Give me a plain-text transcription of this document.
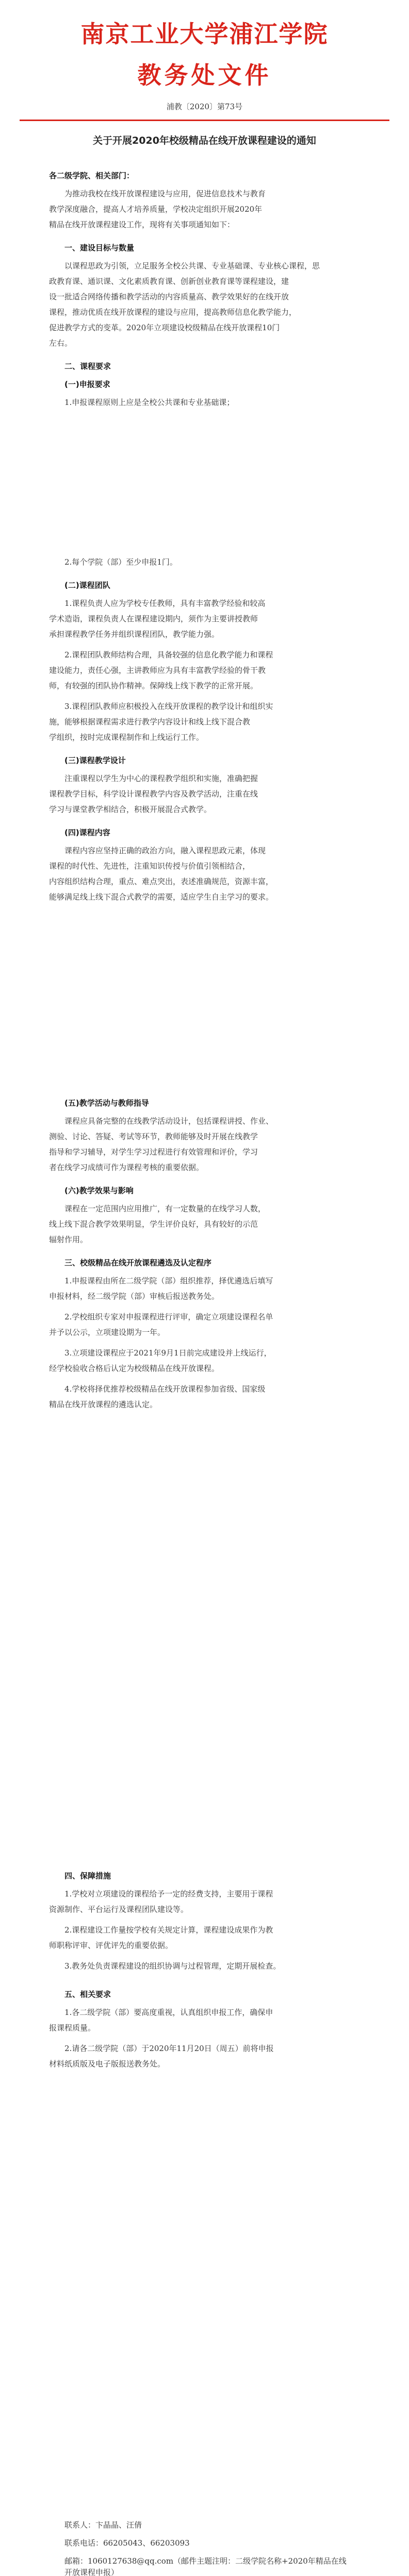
南京工业大学浦江学院
教务处文件
浦教〔2020〕第73号
关于开展2020年校级精品在线开放课程建设的通知
各二级学院、相关部门：
为推动我校在线开放课程建设与应用，促进信息技术与教育
教学深度融合，提高人才培养质量，学校决定组织开展2020年
精品在线开放课程建设工作，现将有关事项通知如下：
一、建设目标与数量
以课程思政为引领，立足服务全校公共课、专业基础课、专业核心课程，思
政教育课、通识课、文化素质教育课、创新创业教育课等课程建设，建
设一批适合网络传播和教学活动的内容质量高、教学效果好的在线开放
课程，推动优质在线开放课程的建设与应用，提高教师信息化教学能力，
促进教学方式的变革。2020年立项建设校级精品在线开放课程10门
左右。
二、课程要求
(一)申报要求
1.申报课程原则上应是全校公共课和专业基础课；
2.每个学院（部）至少申报1门。
(二)课程团队
1.课程负责人应为学校专任教师，具有丰富教学经验和较高
学术造诣，课程负责人在课程建设期内，须作为主要讲授教师
承担课程教学任务并组织课程团队，教学能力强。
2.课程团队教师结构合理，具备较强的信息化教学能力和课程
建设能力，责任心强，主讲教师应为具有丰富教学经验的骨干教
师，有较强的团队协作精神。保障线上线下教学的正常开展。
3.课程团队教师应积极投入在线开放课程的教学设计和组织实
施，能够根据课程需求进行教学内容设计和线上线下混合教
学组织，按时完成课程制作和上线运行工作。
(三)课程教学设计
注重课程以学生为中心的课程教学组织和实施，准确把握
课程教学目标，科学设计课程教学内容及教学活动，注重在线
学习与课堂教学相结合，积极开展混合式教学。
(四)课程内容
课程内容应坚持正确的政治方向，融入课程思政元素，体现
课程的时代性、先进性，注重知识传授与价值引领相结合，
内容组织结构合理，重点、难点突出，表述准确规范，资源丰富，
能够满足线上线下混合式教学的需要，适应学生自主学习的要求。
(五)教学活动与教师指导
课程应具备完整的在线教学活动设计，包括课程讲授、作业、
测验、讨论、答疑、考试等环节，教师能够及时开展在线教学
指导和学习辅导，对学生学习过程进行有效管理和评价，学习
者在线学习成绩可作为课程考核的重要依据。
(六)教学效果与影响
课程在一定范围内应用推广，有一定数量的在线学习人数，
线上线下混合教学效果明显，学生评价良好，具有较好的示范
辐射作用。
三、校级精品在线开放课程遴选及认定程序
1.申报课程由所在二级学院（部）组织推荐，择优遴选后填写
申报材料，经二级学院（部）审核后报送教务处。
2.学校组织专家对申报课程进行评审，确定立项建设课程名单
并予以公示，立项建设期为一年。
3.立项建设课程应于2021年9月1日前完成建设并上线运行，
经学校验收合格后认定为校级精品在线开放课程。
4.学校将择优推荐校级精品在线开放课程参加省级、国家级
精品在线开放课程的遴选认定。
四、保障措施
1.学校对立项建设的课程给予一定的经费支持，主要用于课程
资源制作、平台运行及课程团队建设等。
2.课程建设工作量按学校有关规定计算，课程建设成果作为教
师职称评审、评优评先的重要依据。
3.教务处负责课程建设的组织协调与过程管理，定期开展检查。
五、相关要求
1.各二级学院（部）要高度重视，认真组织申报工作，确保申
报课程质量。
2.请各二级学院（部）于2020年11月20日（周五）前将申报
材料纸质版及电子版报送教务处。
联系人：卞晶晶、汪倩
联系电话：66205043、66203093
邮箱：1060127638@qq.com（邮件主题注明：二级学院名称+2020年精品在线开放课程申报）
